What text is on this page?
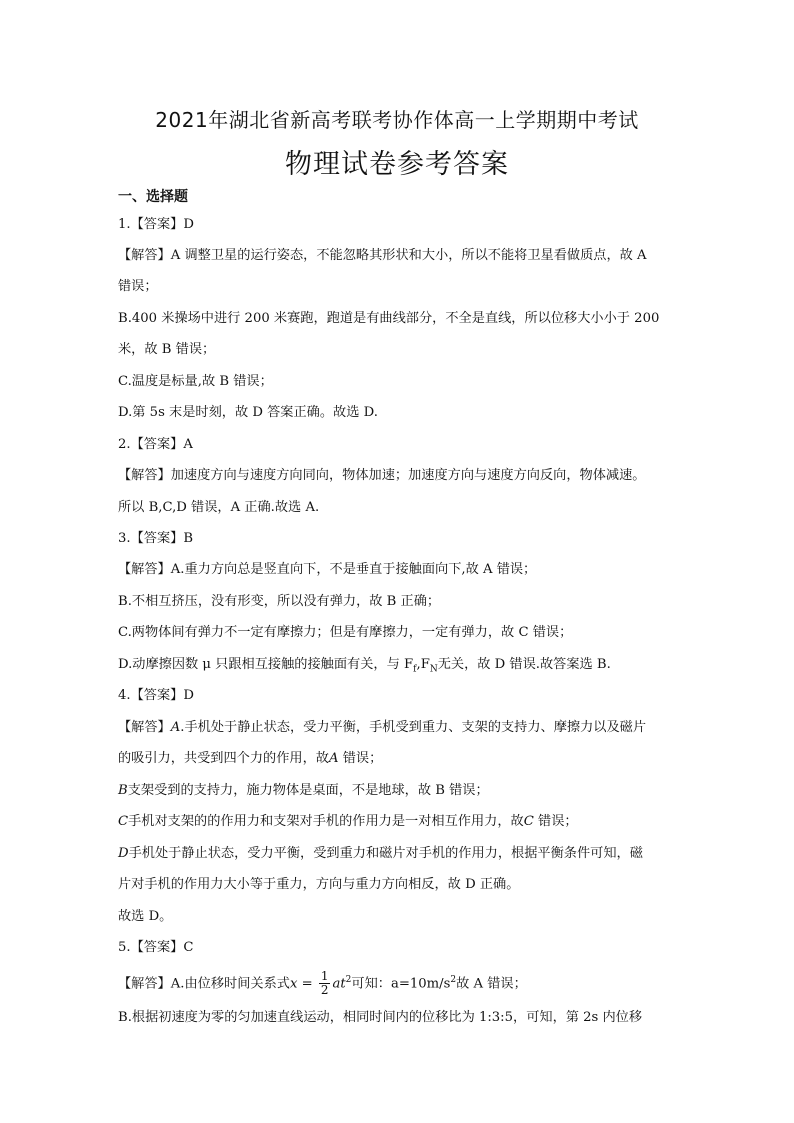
2021年湖北省新高考联考协作体高一上学期期中考试
物理试卷参考答案
一、选择题
1.【答案】D
【解答】A 调整卫星的运行姿态，不能忽略其形状和大小，所以不能将卫星看做质点，故 A
错误；
B.400 米操场中进行 200 米赛跑，跑道是有曲线部分，不全是直线，所以位移大小小于 200
米，故 B 错误；
C.温度是标量,故 B 错误；
D.第 5s 末是时刻，故 D 答案正确。故选 D.
2.【答案】A
【解答】加速度方向与速度方向同向，物体加速；加速度方向与速度方向反向，物体减速。
所以 B,C,D 错误，A 正确.故选 A.
3.【答案】B
【解答】A.重力方向总是竖直向下，不是垂直于接触面向下,故 A 错误；
B.不相互挤压，没有形变，所以没有弹力，故 B 正确；
C.两物体间有弹力不一定有摩擦力；但是有摩擦力，一定有弹力，故 C 错误；
D.动摩擦因数 μ 只跟相互接触的接触面有关，与 $F_f,F_N$无关，故 D 错误.故答案选 B.
4.【答案】D
【解答】A.手机处于静止状态，受力平衡，手机受到重力、支架的支持力、摩擦力以及磁片
的吸引力，共受到四个力的作用，故A 错误；
B支架受到的支持力，施力物体是桌面，不是地球，故 B 错误；
C手机对支架的的作用力和支架对手机的作用力是一对相互作用力，故C 错误；
D手机处于静止状态，受力平衡，受到重力和磁片对手机的作用力，根据平衡条件可知，磁
片对手机的作用力大小等于重力，方向与重力方向相反，故 D 正确。
故选 D。
5.【答案】C
【解答】A.由位移时间关系式$x = \frac{1}{2} at^2$可知：$a=10m/s^2$故 A 错误；
B.根据初速度为零的匀加速直线运动，相同时间内的位移比为 1:3:5，可知，第 2s 内位移
